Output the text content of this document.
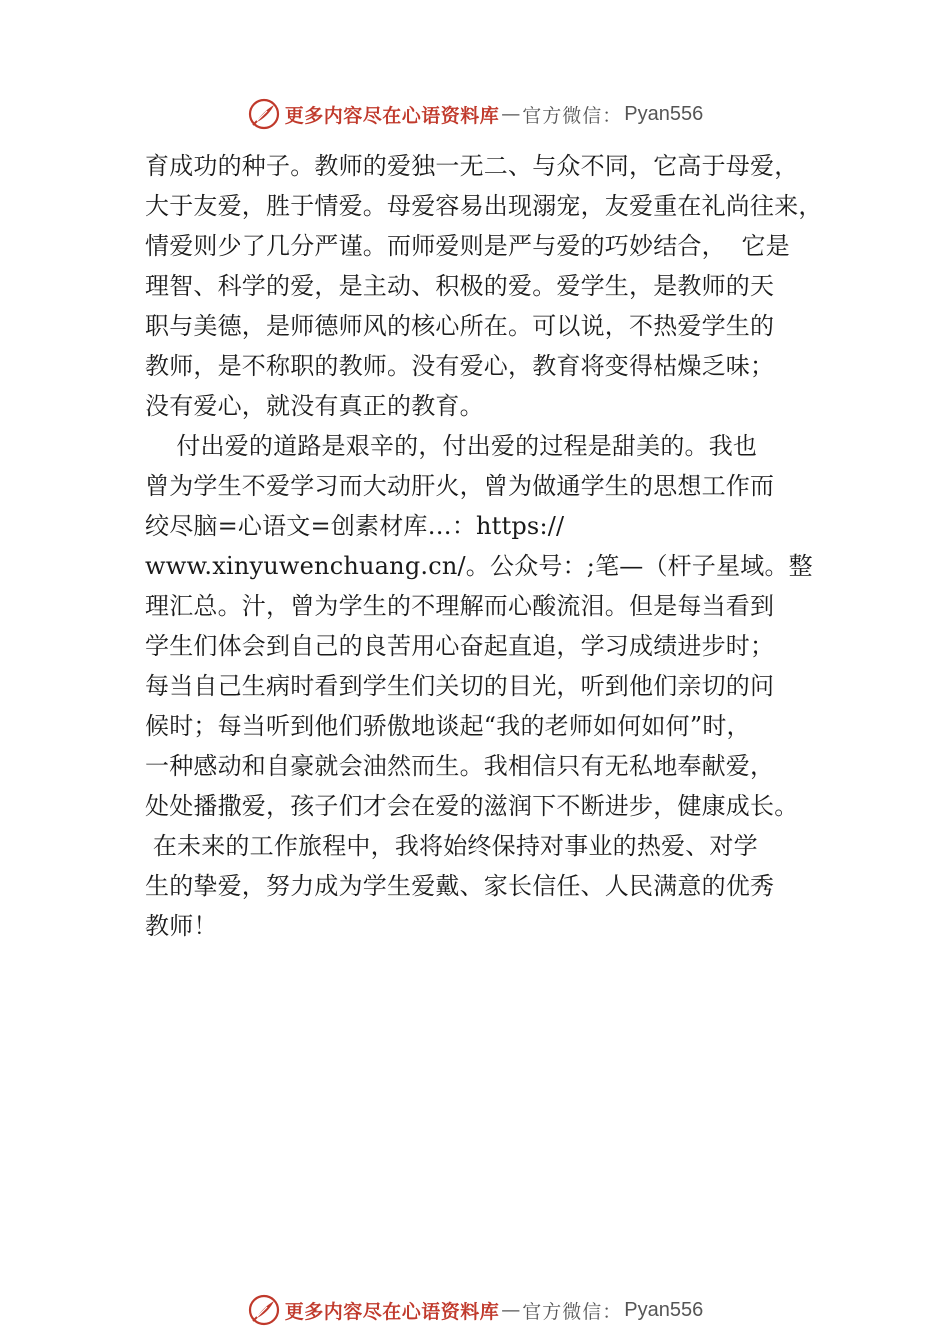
更多内容尽在心语资料库 — 官方微信： Pyan556
育成功的种子。教师的爱独一无二、与众不同，它高于母爱，
大于友爱，胜于情爱。母爱容易出现溺宠，友爱重在礼尚往来，
情爱则少了几分严谨。而师爱则是严与爱的巧妙结合，  它是
理智、科学的爱，是主动、积极的爱。爱学生，是教师的天
职与美德，是师德师风的核心所在。可以说，不热爱学生的
教师，是不称职的教师。没有爱心，教育将变得枯燥乏味；
没有爱心，就没有真正的教育。
付出爱的道路是艰辛的，付出爱的过程是甜美的。我也
曾为学生不爱学习而大动肝火，曾为做通学生的思想工作而
绞尽脑=心语文=创素材库…：https://
www.xinyuwenchuang.cn/。公众号：;笔—（杆子星域。整
理汇总。汁，曾为学生的不理解而心酸流泪。但是每当看到
学生们体会到自己的良苦用心奋起直追，学习成绩进步时；
每当自己生病时看到学生们关切的目光，听到他们亲切的问
候时；每当听到他们骄傲地谈起“我的老师如何如何”时，
一种感动和自豪就会油然而生。我相信只有无私地奉献爱，
处处播撒爱，孩子们才会在爱的滋润下不断进步，健康成长。
在未来的工作旅程中，我将始终保持对事业的热爱、对学
生的挚爱，努力成为学生爱戴、家长信任、人民满意的优秀
教师！
更多内容尽在心语资料库 — 官方微信： Pyan556
